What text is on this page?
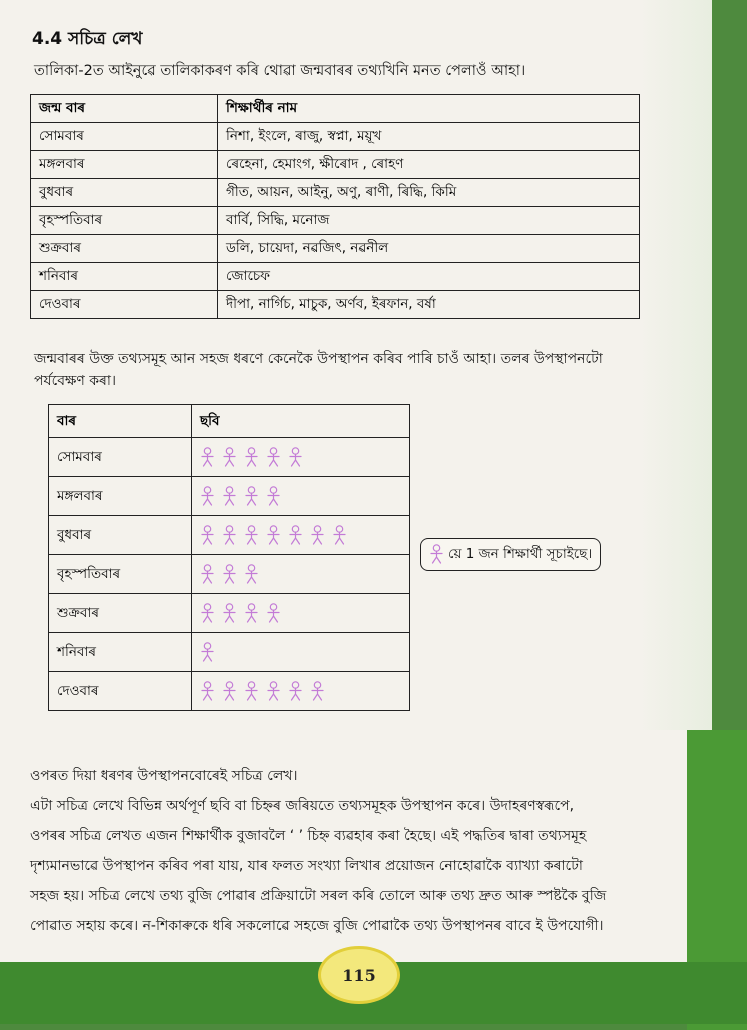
4.4 সচিত্ৰ লেখ
তালিকা-2ত আইনুৱে তালিকাকৰণ কৰি থোৱা জন্মবাৰৰ তথ্যখিনি মনত পেলাওঁ আহা।
জন্ম বাৰ	শিক্ষাৰ্থীৰ নাম
সোমবাৰ	নিশা, ইংলে, ৰাজু, স্বপ্না, ময়ূখ
মঙ্গলবাৰ	ৰেহেনা, হেমাংগ, ক্ষীৰোদ , ৰোহণ
বুধবাৰ	গীত, আয়ন, আইনু, অণু, ৰাণী, ৰিদ্ধি, কিমি
বৃহস্পতিবাৰ	বাৰ্বি, সিদ্ধি, মনোজ
শুক্ৰবাৰ	ডলি, চায়েদা, নৱজিৎ, নৱনীল
শনিবাৰ	জোচেফ
দেওবাৰ	দীপা, নাৰ্গিচ, মাচুক, অৰ্ণব, ইৰফান, বৰ্ষা
জন্মবাৰৰ উক্ত তথ্যসমূহ আন সহজ ধৰণে কেনেকৈ উপস্থাপন কৰিব পাৰি চাওঁ আহা। তলৰ উপস্থাপনটো পৰ্যবেক্ষণ কৰা।
বাৰ	ছবি
সোমবাৰ	
মঙ্গলবাৰ	
বুধবাৰ	
বৃহস্পতিবাৰ	
শুক্ৰবাৰ	
শনিবাৰ	
দেওবাৰ	
য়ে 1 জন শিক্ষাৰ্থী সূচাইছে।
ওপৰত দিয়া ধৰণৰ উপস্থাপনবোৰেই সচিত্ৰ লেখ।
এটা সচিত্ৰ লেখে বিভিন্ন অৰ্থপূৰ্ণ ছবি বা চিহ্নৰ জৰিয়তে তথ্যসমূহক উপস্থাপন কৰে। উদাহৰণস্বৰূপে,
ওপৰৰ সচিত্ৰ লেখত এজন শিক্ষাৰ্থীক বুজাবলৈ ‘ ’ চিহ্ন ব্যৱহাৰ কৰা হৈছে। এই পদ্ধতিৰ দ্বাৰা তথ্যসমূহ
দৃশ্যমানভাৱে উপস্থাপন কৰিব পৰা যায়, যাৰ ফলত সংখ্যা লিখাৰ প্ৰয়োজন নোহোৱাকৈ ব্যাখ্যা কৰাটো
সহজ হয়। সচিত্ৰ লেখে তথ্য বুজি পোৱাৰ প্ৰক্ৰিয়াটো সৰল কৰি তোলে আৰু তথ্য দ্ৰুত আৰু স্পষ্টকৈ বুজি
পোৱাত সহায় কৰে। ন-শিকাৰুকে ধৰি সকলোৱে সহজে বুজি পোৱাকৈ তথ্য উপস্থাপনৰ বাবে ই উপযোগী।
115
